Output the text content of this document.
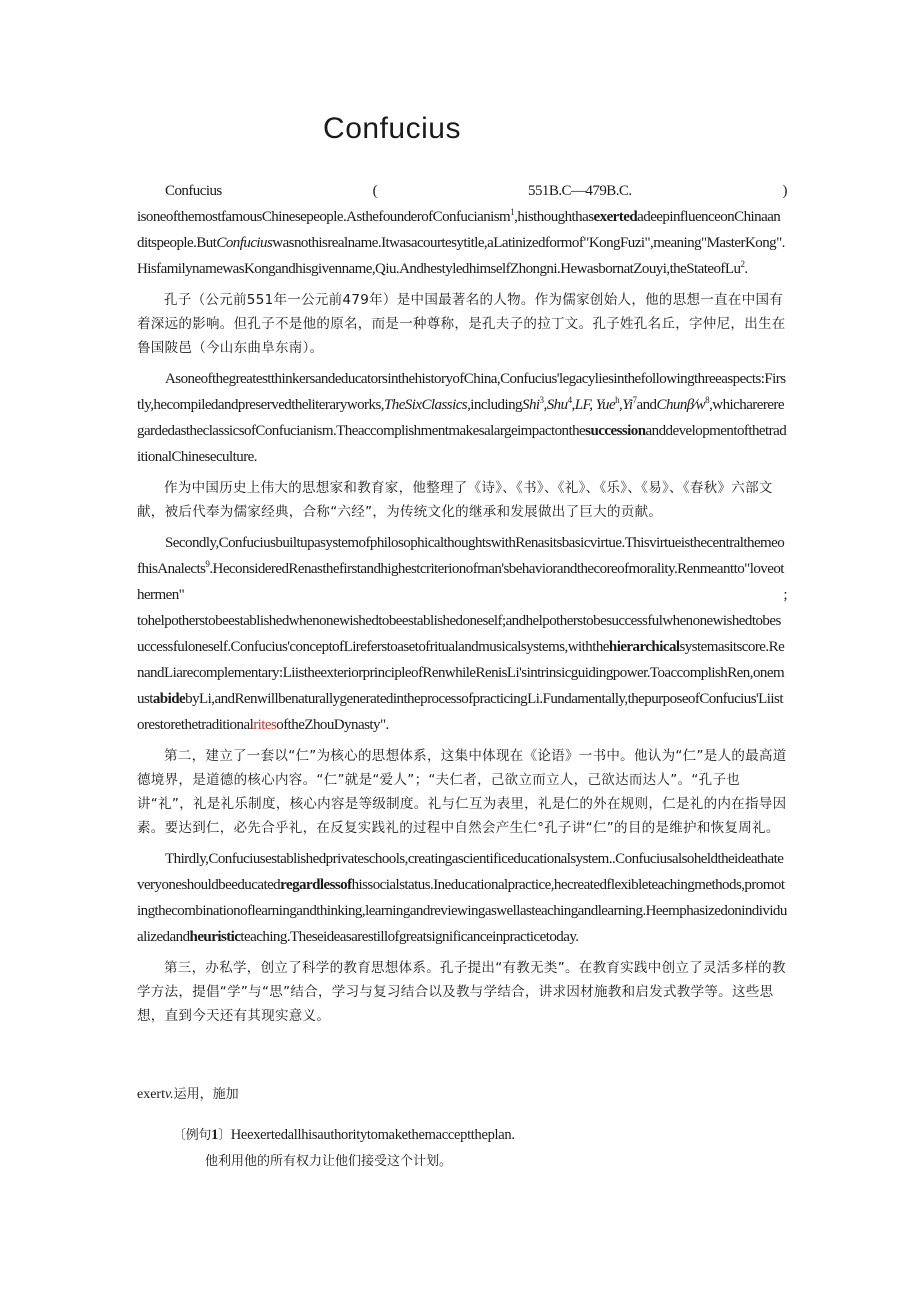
Confucius
Confucius	(	551B.C—479B.C.	)

isoneofthemostfamousChinesepeople.AsthefounderofConfucianism$^1$,histhoughthasexertedadeepinfluenceonChinaanditspeople.ButConfuciuswasnothisrealname.Itwasacourtesytitle,aLatinizedformof"KongFuzi",meaning"MasterKong".HisfamilynamewasKongandhisgivenname,Qiu.AndhestyledhimselfZhongni.HewasbornatZouyi,theStateofLu$^2$.

孔子（公元前551年一公元前479年）是中国最著名的人物。作为儒家创始人，他的思想一直在中国有着深远的影响。但孔子不是他的原名，而是一种尊称，是孔夫子的拉丁文。孔子姓孔名丘，字仲尼，出生在鲁国陂邑（今山东曲阜东南）。

AsoneofthegreatestthinkersandeducatorsinthehistoryofChina,Confucius'legacyliesinthefollowingthreeaspects:Firstly,hecompiledandpreservedtheliteraryworks,TheSixClassics,includingShi$^3$,Shu$^4$,LF, $Yue^h,Yi^7andChun\beta∕w^8,whicharereregardedastheclassicsofConfucianism.Theaccomplishmentmakesalargeimpactonthesuccessionandde$velopmentofthetraditionalChineseculture.

作为中国历史上伟大的思想家和教育家，他整理了《诗》、《书》、《礼》、《乐》、《易》、《春秋》六部文献，被后代奉为儒家经典，合称“六经”，为传统文化的继承和发展做出了巨大的贡献。

Secondly,ConfuciusbuiltupasystemofphilosophicalthoughtswithRenasitsbasicvirtue.ThisvirtueisthecentralthemeofhisAnalects$^9$.HeconsideredRenasthefirstandhighestcriterionofman'sbehaviorandthecoreofmorality.Renmeantto"loveothermen"	;

tohelpotherstobeestablishedwhenonewishedtobeestablishedoneself;andhelpotherstobesuccessfulwhenonewishedtobesuccessfuloneself.Confucius'conceptofLireferstoasetofritualandmusicalsystems,withthehierarchicalsystemasitscore.RenandLiarecomplementary:LiistheexteriorprincipleofRenwhileRenisLi'sintrinsicguidingpower.ToaccomplishRen,onemustabidebyLi,andRenwillbenaturallygeneratedintheprocessofpracticingLi.Fundamentally,thepurposeofConfucius'LiistorestorethetraditionalritesoftheZhouDynasty".

第二，建立了一套以“仁”为核心的思想体系，这集中体现在《论语》一书中。他认为“仁”是人的最高道德境界，是道德的核心内容。“仁”就是“爱人”；“夫仁者，己欲立而立人，己欲达而达人”。“孔子也讲“礼”，礼是礼乐制度，核心内容是等级制度。礼与仁互为表里，礼是仁的外在规则，仁是礼的内在指导因素。要达到仁，必先合乎礼，在反复实践礼的过程中自然会产生仁°孔子讲“仁”的目的是维护和恢复周礼。

Thirdly,Confuciusestablishedprivateschools,creatingascientificeducationalsystem..Confuciusalsoheldtheideathateveryoneshouldbeeducatedregardlessofhissocialstatus.Ineducationalpractice,hecreatedflexibleteachingmethods,promotingthecombinationoflearningandthinking,learningandreviewingaswellasteachingandlearning.Heemphasizedonindividualizedandheuristicteaching.Theseideasarestillofgreatsignificanceinpracticetoday.

第三，办私学，创立了科学的教育思想体系。孔子提出“有教无类”。在教育实践中创立了灵活多样的教学方法，提倡“学”与“思”结合，学习与复习结合以及教与学结合，讲求因材施教和启发式教学等。这些思想，直到今天还有其现实意义。

exertv.运用，施加
〔例句1〕Heexertedallhisauthoritytomakethemaccepttheplan.
他利用他的所有权力让他们接受这个计划。
